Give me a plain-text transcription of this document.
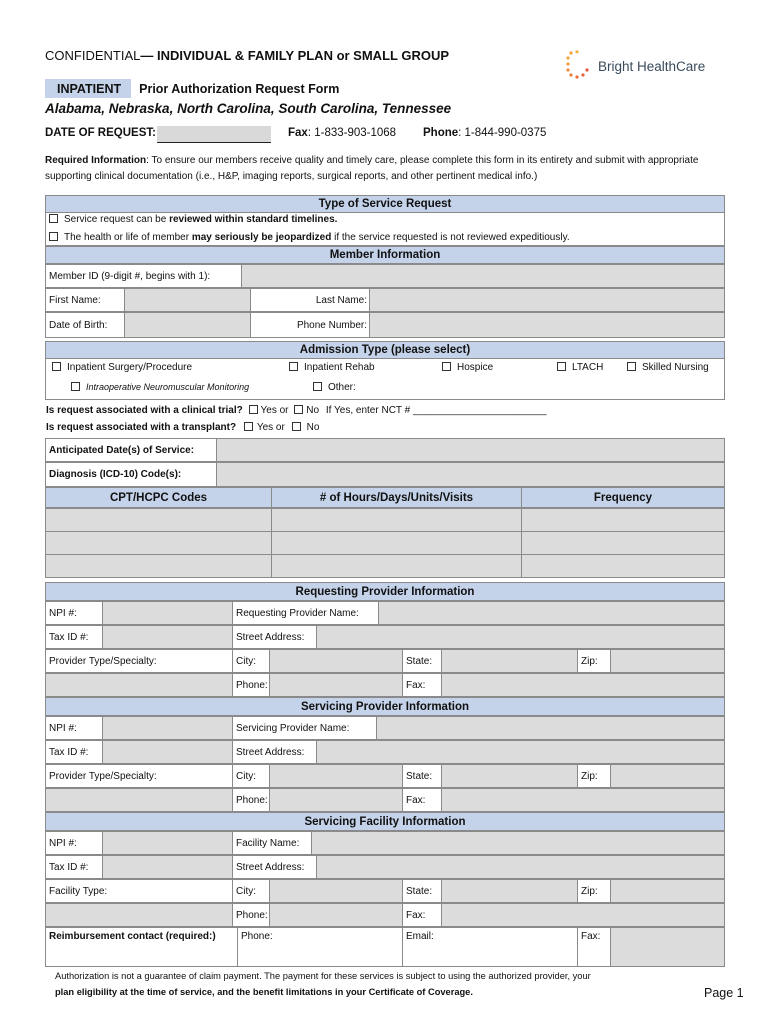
CONFIDENTIAL— INDIVIDUAL & FAMILY PLAN or SMALL GROUP
Bright HealthCare
INPATIENT	Prior Authorization Request Form
Alabama, Nebraska, North Carolina, South Carolina, Tennessee
DATE OF REQUEST:	Fax: 1-833-903-1068 Phone: 1-844-990-0375
Required Information: To ensure our members receive quality and timely care, please complete this form in its entirety and submit with appropriate supporting clinical documentation (i.e., H&P, imaging reports, surgical reports, and other pertinent medical info.)
Type of Service Request
Service request can be reviewed within standard timelines.
The health or life of member may seriously be jeopardized if the service requested is not reviewed expeditiously.
Member Information
Member ID (9-digit #, begins with 1):
First Name:	Last Name:
Date of Birth:	Phone Number:
Admission Type (please select)
Inpatient Surgery/Procedure	Inpatient Rehab	Hospice	LTACH	Skilled Nursing
Intraoperative Neuromuscular Monitoring	Other:
Is request associated with a clinical trial? Yes or No If Yes, enter NCT # ________________________
Is request associated with a transplant? Yes or No
Anticipated Date(s) of Service:
Diagnosis (ICD-10) Code(s):
CPT/HCPC Codes	# of Hours/Days/Units/Visits	Frequency
Requesting Provider Information
NPI #:	Requesting Provider Name:
Tax ID #:	Street Address:
Provider Type/Specialty:	City:	State:	Zip:
Phone:	Fax:
Servicing Provider Information
NPI #:	Servicing Provider Name:
Tax ID #:	Street Address:
Provider Type/Specialty:	City:	State:	Zip:
Phone:	Fax:
Servicing Facility Information
NPI #:	Facility Name:
Tax ID #:	Street Address:
Facility Type:	City:	State:	Zip:
Phone:	Fax:
Reimbursement contact (required:)	Phone:	Email:	Fax:
Authorization is not a guarantee of claim payment. The payment for these services is subject to using the authorized provider, your
plan eligibility at the time of service, and the benefit limitations in your Certificate of Coverage.	Page 1
